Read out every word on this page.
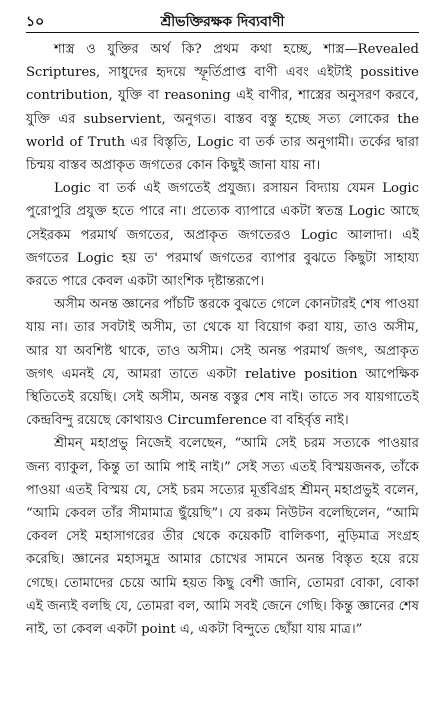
১০	শ্রীভক্তিরক্ষক দিব্যবাণী

শাস্ত্র ও যুক্তির অর্থ কি? প্রথম কথা হচ্ছে, শাস্ত্র—Revealed Scriptures, সাধুদের হৃদয়ে স্ফূর্তিপ্রাপ্ত বাণী এবং এইটাই possitive contribution, যুক্তি বা reasoning এই বাণীর, শাস্ত্রের অনুসরণ করবে, যুক্তি এর subservient, অনুগত। বাস্তব বস্তু হচ্ছে সত্য লোকের the world of Truth এর বিস্তৃতি, Logic বা তর্ক তার অনুগামী। তর্কের দ্বারা চিন্ময় বাস্তব অপ্রাকৃত জগতের কোন কিছুই জানা যায় না।

Logic বা তর্ক এই জগতেই প্রযুজ্য। রসায়ন বিদ্যায় যেমন Logic পুরোপুরি প্রযুক্ত হতে পারে না। প্রত্যেক ব্যাপারে একটা স্বতন্ত্র Logic আছে সেইরকম পরমার্থ জগতের, অপ্রাকৃত জগতেরও Logic আলাদা। এই জগতের Logic হয় ত' পরমার্থ জগতের ব্যাপার বুঝতে কিছুটা সাহায্য করতে পারে কেবল একটা আংশিক দৃষ্টান্তরূপে।

অসীম অনন্ত জ্ঞানের পাঁচটি স্তরকে বুঝতে গেলে কোনটারই শেষ পাওয়া যায় না। তার সবটাই অসীম, তা থেকে যা বিয়োগ করা যায়, তাও অসীম, আর যা অবশিষ্ট থাকে, তাও অসীম। সেই অনন্ত পরমার্থ জগৎ, অপ্রাকৃত জগৎ এমনই যে, আমরা তাতে একটা relative position আপেক্ষিক স্থিতিতেই রয়েছি। সেই অসীম, অনন্ত বস্তুর শেষ নাই। তাতে সব যায়গাতেই কেন্দ্রবিন্দু রয়েছে কোথায়ও Circumference বা বহির্বৃত্ত নাই।

শ্রীমন্ মহাপ্রভু নিজেই বলেছেন, “আমি সেই চরম সত্যকে পাওয়ার জন্য ব্যাকুল, কিন্তু তা আমি পাই নাই।” সেই সত্য এতই বিস্ময়জনক, তাঁকে পাওয়া এতই বিস্ময় যে, সেই চরম সত্যের মূর্ত্তবিগ্রহ শ্রীমন্ মহাপ্রভুই বলেন, “আমি কেবল তাঁর সীমামাত্র ছুঁয়েছি”। যে রকম নিউটন বলেছিলেন, “আমি কেবল সেই মহাসাগরের তীর থেকে কয়েকটি বালিকণা, নুড়িমাত্র সংগ্রহ করেছি। জ্ঞানের মহাসমুদ্র আমার চোখের সামনে অনন্ত বিস্তৃত হয়ে রয়ে গেছে। তোমাদের চেয়ে আমি হয়ত কিছু বেশী জানি, তোমরা বোকা, বোকা এই জন্যই বলছি যে, তোমরা বল, আমি সবই জেনে গেছি। কিন্তু জ্ঞানের শেষ নাই, তা কেবল একটা point এ, একটা বিন্দুতে ছোঁয়া যায় মাত্র।”
